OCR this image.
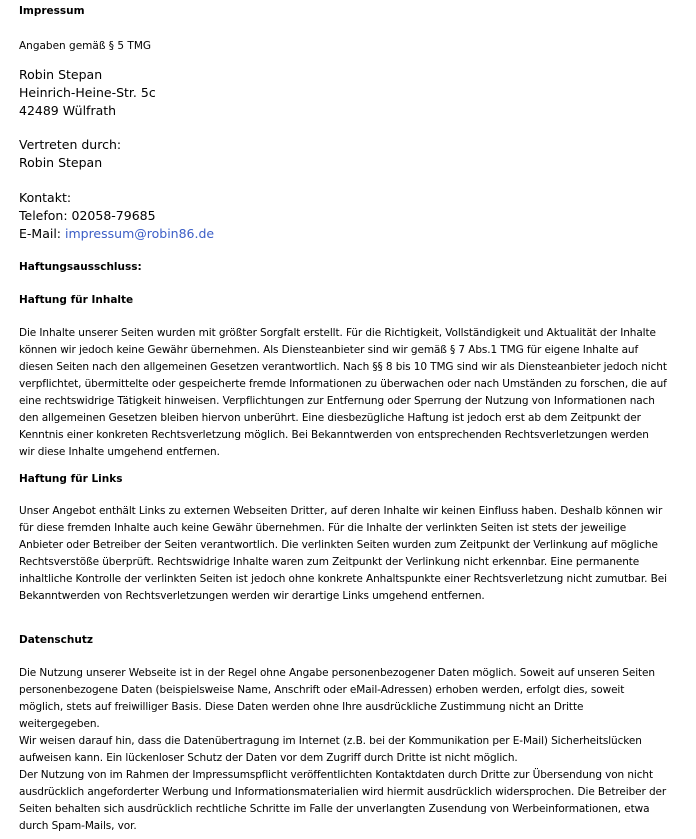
Impressum

Angaben gemäß § 5 TMG
Robin Stepan
Heinrich-Heine-Str. 5c
42489 Wülfrath
Vertreten durch:
Robin Stepan
Kontakt:
Telefon: 02058-79685
E-Mail: impressum@robin86.de

Haftungsausschluss:

Haftung für Inhalte

Die Inhalte unserer Seiten wurden mit größter Sorgfalt erstellt. Für die Richtigkeit, Vollständigkeit und Aktualität der Inhalte können wir jedoch keine Gewähr übernehmen. Als Diensteanbieter sind wir gemäß § 7 Abs.1 TMG für eigene Inhalte auf diesen Seiten nach den allgemeinen Gesetzen verantwortlich. Nach §§ 8 bis 10 TMG sind wir als Diensteanbieter jedoch nicht verpflichtet, übermittelte oder gespeicherte fremde Informationen zu überwachen oder nach Umständen zu forschen, die auf eine rechtswidrige Tätigkeit hinweisen. Verpflichtungen zur Entfernung oder Sperrung der Nutzung von Informationen nach den allgemeinen Gesetzen bleiben hiervon unberührt. Eine diesbezügliche Haftung ist jedoch erst ab dem Zeitpunkt der Kenntnis einer konkreten Rechtsverletzung möglich. Bei Bekanntwerden von entsprechenden Rechtsverletzungen werden wir diese Inhalte umgehend entfernen.

Haftung für Links

Unser Angebot enthält Links zu externen Webseiten Dritter, auf deren Inhalte wir keinen Einfluss haben. Deshalb können wir für diese fremden Inhalte auch keine Gewähr übernehmen. Für die Inhalte der verlinkten Seiten ist stets der jeweilige Anbieter oder Betreiber der Seiten verantwortlich. Die verlinkten Seiten wurden zum Zeitpunkt der Verlinkung auf mögliche Rechtsverstöße überprüft. Rechtswidrige Inhalte waren zum Zeitpunkt der Verlinkung nicht erkennbar. Eine permanente inhaltliche Kontrolle der verlinkten Seiten ist jedoch ohne konkrete Anhaltspunkte einer Rechtsverletzung nicht zumutbar. Bei Bekanntwerden von Rechtsverletzungen werden wir derartige Links umgehend entfernen.

Datenschutz

Die Nutzung unserer Webseite ist in der Regel ohne Angabe personenbezogener Daten möglich. Soweit auf unseren Seiten personenbezogene Daten (beispielsweise Name, Anschrift oder eMail-Adressen) erhoben werden, erfolgt dies, soweit möglich, stets auf freiwilliger Basis. Diese Daten werden ohne Ihre ausdrückliche Zustimmung nicht an Dritte weitergegeben.

Wir weisen darauf hin, dass die Datenübertragung im Internet (z.B. bei der Kommunikation per E-Mail) Sicherheitslücken aufweisen kann. Ein lückenloser Schutz der Daten vor dem Zugriff durch Dritte ist nicht möglich.

Der Nutzung von im Rahmen der Impressumspflicht veröffentlichten Kontaktdaten durch Dritte zur Übersendung von nicht ausdrücklich angeforderter Werbung und Informationsmaterialien wird hiermit ausdrücklich widersprochen. Die Betreiber der Seiten behalten sich ausdrücklich rechtliche Schritte im Falle der unverlangten Zusendung von Werbeinformationen, etwa durch Spam-Mails, vor.
